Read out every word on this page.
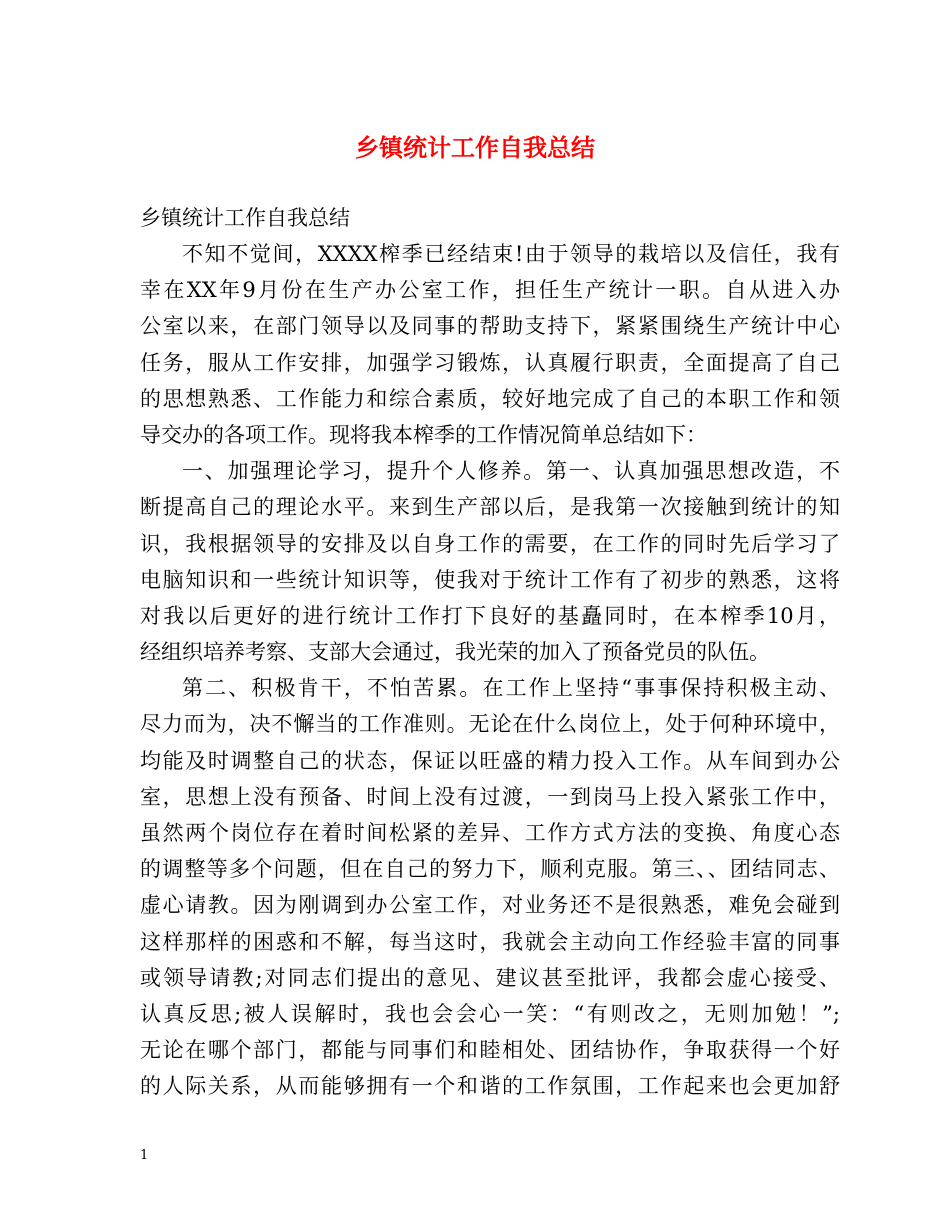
乡镇统计工作自我总结

乡镇统计工作自我总结

不知不觉间，XXXX榨季已经结束!由于领导的栽培以及信任，我有
幸在XX年9月份在生产办公室工作，担任生产统计一职。自从进入办
公室以来，在部门领导以及同事的帮助支持下，紧紧围绕生产统计中心
任务，服从工作安排，加强学习锻炼，认真履行职责，全面提高了自己
的思想熟悉、工作能力和综合素质，较好地完成了自己的本职工作和领
导交办的各项工作。现将我本榨季的工作情况简单总结如下：
一、加强理论学习，提升个人修养。第一、认真加强思想改造，不
断提高自己的理论水平。来到生产部以后，是我第一次接触到统计的知
识，我根据领导的安排及以自身工作的需要，在工作的同时先后学习了
电脑知识和一些统计知识等，使我对于统计工作有了初步的熟悉，这将
对我以后更好的进行统计工作打下良好的基矗同时，在本榨季10月，
经组织培养考察、支部大会通过，我光荣的加入了预备党员的队伍。
第二、积极肯干，不怕苦累。在工作上坚持“事事保持积极主动、
尽力而为，决不懈当的工作准则。无论在什么岗位上，处于何种环境中，
均能及时调整自己的状态，保证以旺盛的精力投入工作。从车间到办公
室，思想上没有预备、时间上没有过渡，一到岗马上投入紧张工作中，
虽然两个岗位存在着时间松紧的差异、工作方式方法的变换、角度心态
的调整等多个问题，但在自己的努力下，顺利克服。第三、、团结同志、
虚心请教。因为刚调到办公室工作，对业务还不是很熟悉，难免会碰到
这样那样的困惑和不解，每当这时，我就会主动向工作经验丰富的同事
或领导请教;对同志们提出的意见、建议甚至批评，我都会虚心接受、
认真反思;被人误解时，我也会会心一笑：“有则改之，无则加勉！”;
无论在哪个部门，都能与同事们和睦相处、团结协作，争取获得一个好
的人际关系，从而能够拥有一个和谐的工作氛围，工作起来也会更加舒
1
